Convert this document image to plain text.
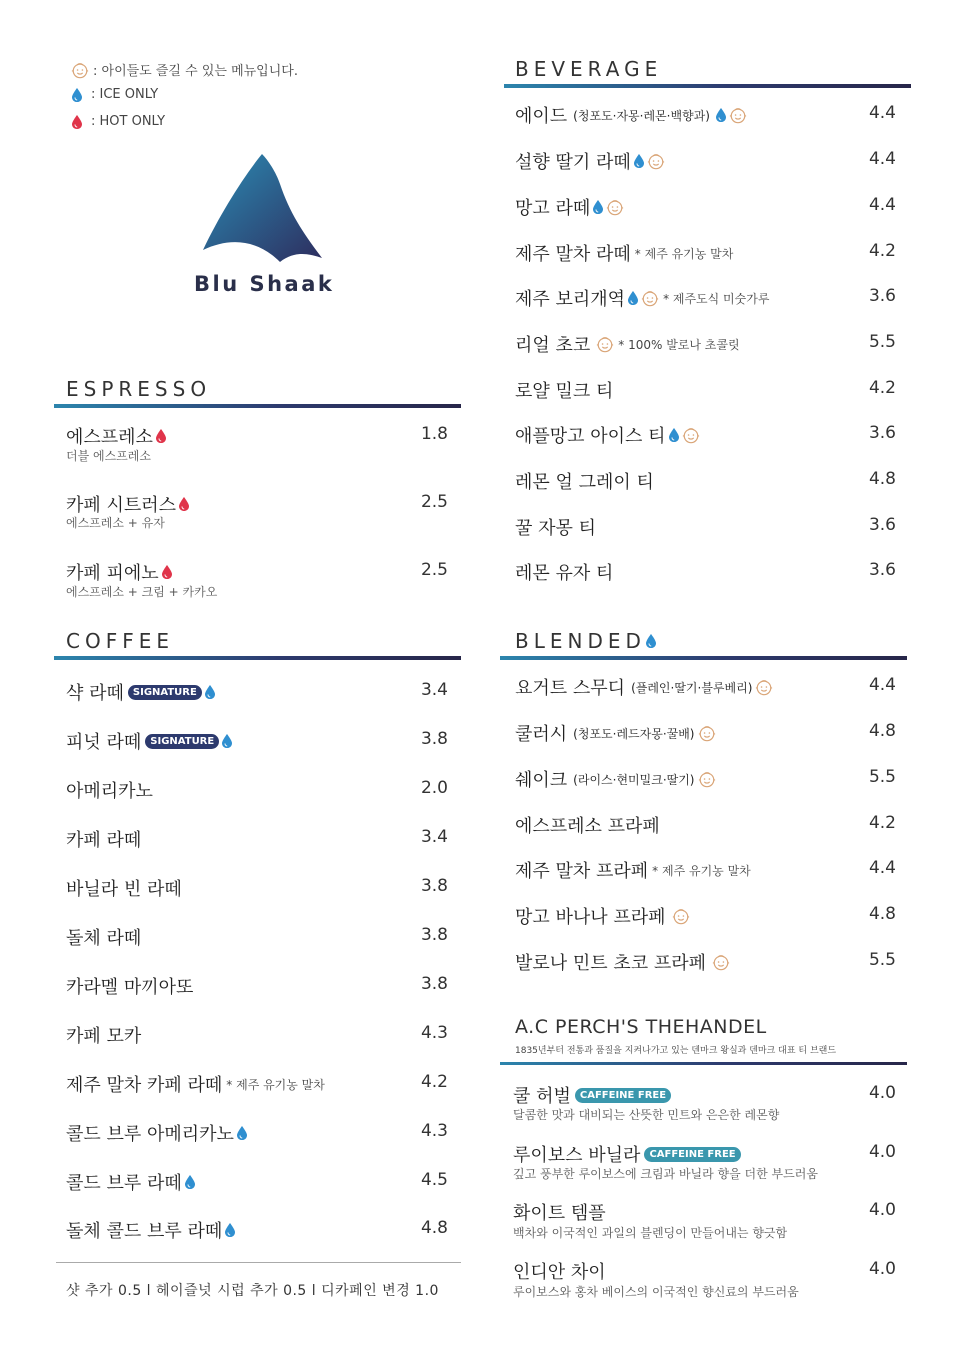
: 아이들도 즐길 수 있는 메뉴입니다.
: ICE ONLY
: HOT ONLY
Blu Shaak
ESPRESSO
에스프레소
더블 에스프레소
1.8
카페 시트러스
에스프레소 + 유자
2.5
카페 피에노
에스프레소 + 크림 + 카카오
2.5
COFFEE
샥 라떼 SIGNATURE	3.4
피넛 라떼 SIGNATURE	3.8
아메리카노	2.0
카페 라떼	3.4
바닐라 빈 라떼	3.8
돌체 라떼	3.8
카라멜 마끼아또	3.8
카페 모카	4.3
제주 말차 카페 라떼 * 제주 유기농 말차	4.2
콜드 브루 아메리카노	4.3
콜드 브루 라떼	4.5
돌체 콜드 브루 라떼	4.8
샷 추가 0.5 l 헤이즐넛 시럽 추가 0.5 l 디카페인 변경 1.0
BEVERAGE
에이드 (청포도·자몽·레몬·백향과)	4.4
설향 딸기 라떼	4.4
망고 라떼	4.4
제주 말차 라떼 * 제주 유기농 말차	4.2
제주 보리개역	* 제주도식 미숫가루	3.6
리얼 초코 * 100% 발로나 초콜릿	5.5
로얄 밀크 티	4.2
애플망고 아이스 티	3.6
레몬 얼 그레이 티	4.8
꿀 자몽 티	3.6
레몬 유자 티	3.6
BLENDED
요거트 스무디 (플레인·딸기·블루베리)	4.4
쿨러시 (청포도·레드자몽·꿀배)	4.8
쉐이크 (라이스·현미밀크·딸기)	5.5
에스프레소 프라페	4.2
제주 말차 프라페 * 제주 유기농 말차	4.4
망고 바나나 프라페	4.8
발로나 민트 초코 프라페	5.5
A.C PERCH'S THEHANDEL
1835년부터 전통과 품질을 지켜나가고 있는 덴마크 왕실과 덴마크 대표 티 브랜드
쿨 허벌 CAFFEINE FREE
달콤한 맛과 대비되는 산뜻한 민트와 은은한 레몬향
4.0
루이보스 바닐라 CAFFEINE FREE
깊고 풍부한 루이보스에 크림과 바닐라 향을 더한 부드러움
4.0
화이트 템플
백차와 이국적인 과일의 블렌딩이 만들어내는 향긋함
4.0
인디안 차이
루이보스와 홍차 베이스의 이국적인 향신료의 부드러움
4.0
